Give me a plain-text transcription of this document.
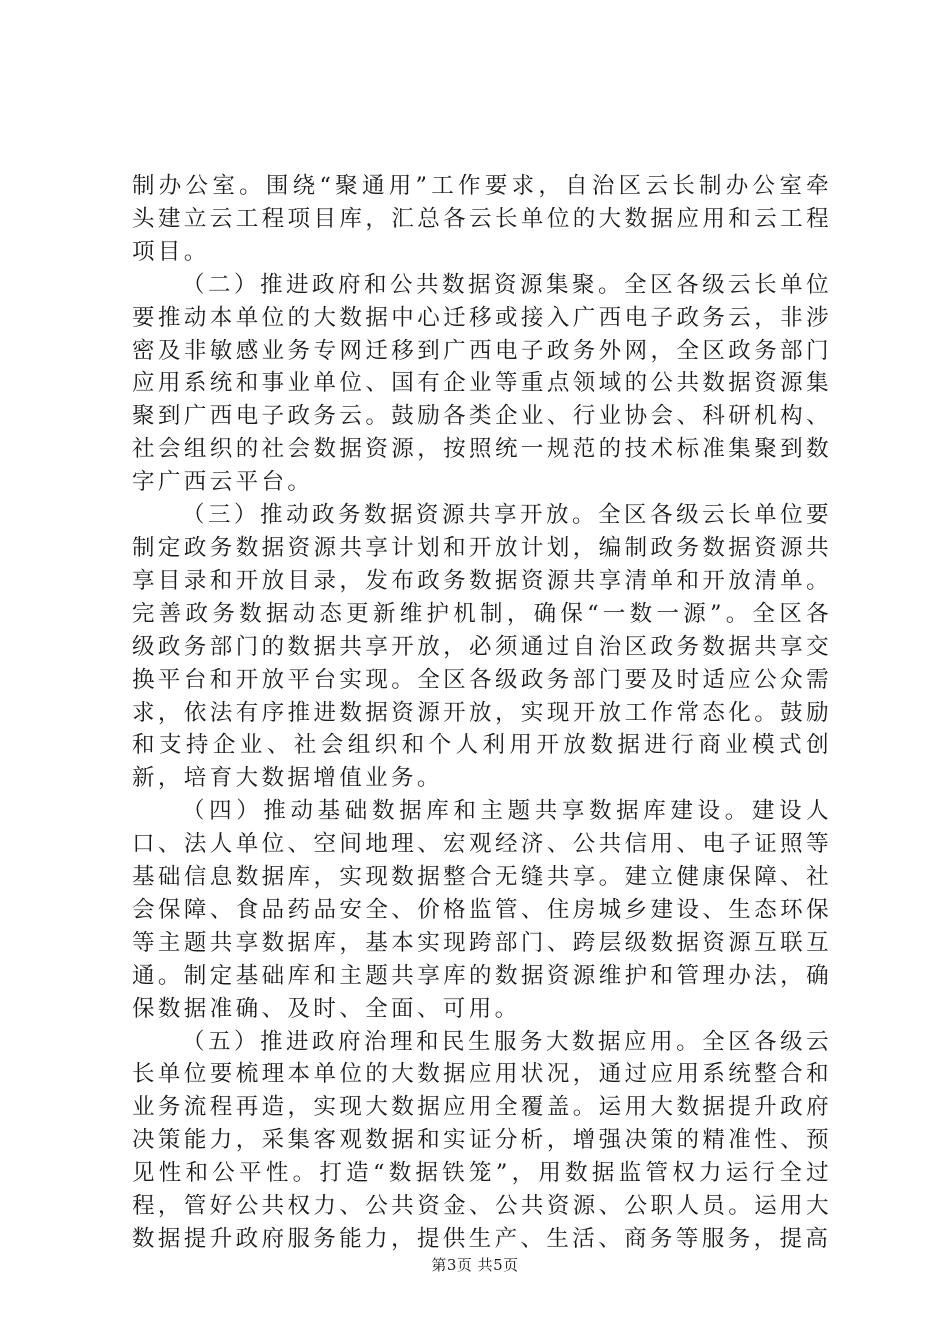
制办公室。围绕“聚通用”工作要求，自治区云长制办公室牵头建立云工程项目库，汇总各云长单位的大数据应用和云工程项目。

（二）推进政府和公共数据资源集聚。全区各级云长单位要推动本单位的大数据中心迁移或接入广西电子政务云，非涉密及非敏感业务专网迁移到广西电子政务外网，全区政务部门应用系统和事业单位、国有企业等重点领域的公共数据资源集聚到广西电子政务云。鼓励各类企业、行业协会、科研机构、社会组织的社会数据资源，按照统一规范的技术标准集聚到数字广西云平台。

（三）推动政务数据资源共享开放。全区各级云长单位要制定政务数据资源共享计划和开放计划，编制政务数据资源共享目录和开放目录，发布政务数据资源共享清单和开放清单。完善政务数据动态更新维护机制，确保“一数一源”。全区各级政务部门的数据共享开放，必须通过自治区政务数据共享交换平台和开放平台实现。全区各级政务部门要及时适应公众需求，依法有序推进数据资源开放，实现开放工作常态化。鼓励和支持企业、社会组织和个人利用开放数据进行商业模式创新，培育大数据增值业务。

（四）推动基础数据库和主题共享数据库建设。建设人口、法人单位、空间地理、宏观经济、公共信用、电子证照等基础信息数据库，实现数据整合无缝共享。建立健康保障、社会保障、食品药品安全、价格监管、住房城乡建设、生态环保等主题共享数据库，基本实现跨部门、跨层级数据资源互联互通。制定基础库和主题共享库的数据资源维护和管理办法，确保数据准确、及时、全面、可用。

（五）推进政府治理和民生服务大数据应用。全区各级云长单位要梳理本单位的大数据应用状况，通过应用系统整合和业务流程再造，实现大数据应用全覆盖。运用大数据提升政府决策能力，采集客观数据和实证分析，增强决策的精准性、预见性和公平性。打造“数据铁笼”，用数据监管权力运行全过程，管好公共权力、公共资金、公共资源、公职人员。运用大数据提升政府服务能力，提供生产、生活、商务等服务，提高

第3页 共5页
